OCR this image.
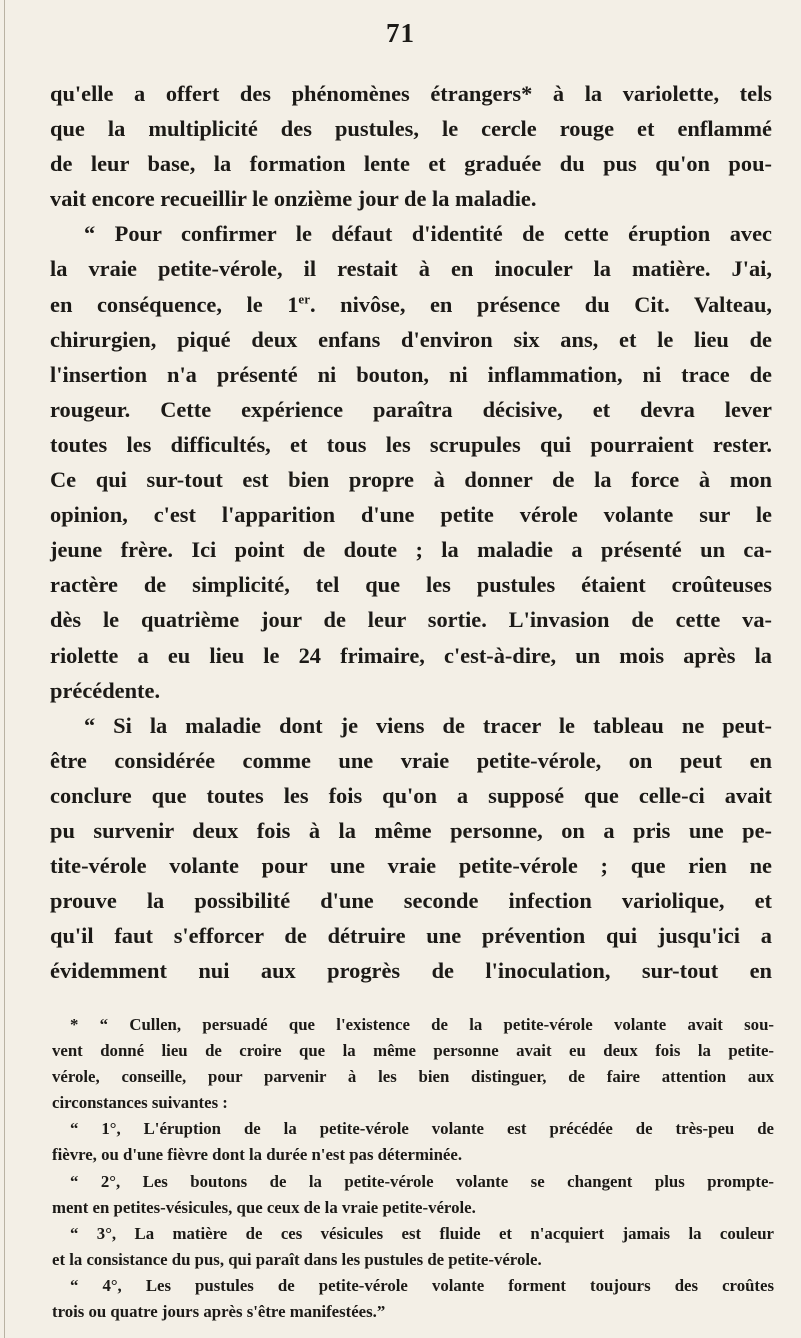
71
qu'elle a offert des phénomènes étrangers* à la variolette, tels
que la multiplicité des pustules, le cercle rouge et enflammé
de leur base, la formation lente et graduée du pus qu'on pou-
vait encore recueillir le onzième jour de la maladie.
“ Pour confirmer le défaut d'identité de cette éruption avec
la vraie petite-vérole, il restait à en inoculer la matière. J'ai,
en conséquence, le 1er. nivôse, en présence du Cit. Valteau,
chirurgien, piqué deux enfans d'environ six ans, et le lieu de
l'insertion n'a présenté ni bouton, ni inflammation, ni trace de
rougeur. Cette expérience paraîtra décisive, et devra lever
toutes les difficultés, et tous les scrupules qui pourraient rester.
Ce qui sur-tout est bien propre à donner de la force à mon
opinion, c'est l'apparition d'une petite vérole volante sur le
jeune frère. Ici point de doute ; la maladie a présenté un ca-
ractère de simplicité, tel que les pustules étaient croûteuses
dès le quatrième jour de leur sortie. L'invasion de cette va-
riolette a eu lieu le 24 frimaire, c'est-à-dire, un mois après la
précédente.
“ Si la maladie dont je viens de tracer le tableau ne peut-
être considérée comme une vraie petite-vérole, on peut en
conclure que toutes les fois qu'on a supposé que celle-ci avait
pu survenir deux fois à la même personne, on a pris une pe-
tite-vérole volante pour une vraie petite-vérole ; que rien ne
prouve la possibilité d'une seconde infection variolique, et
qu'il faut s'efforcer de détruire une prévention qui jusqu'ici a
évidemment nui aux progrès de l'inoculation, sur-tout en
* “ Cullen, persuadé que l'existence de la petite-vérole volante avait sou-
vent donné lieu de croire que la même personne avait eu deux fois la petite-
vérole, conseille, pour parvenir à les bien distinguer, de faire attention aux
circonstances suivantes :
“ 1°, L'éruption de la petite-vérole volante est précédée de très-peu de
fièvre, ou d'une fièvre dont la durée n'est pas déterminée.
“ 2°, Les boutons de la petite-vérole volante se changent plus prompte-
ment en petites-vésicules, que ceux de la vraie petite-vérole.
“ 3°, La matière de ces vésicules est fluide et n'acquiert jamais la couleur
et la consistance du pus, qui paraît dans les pustules de petite-vérole.
“ 4°, Les pustules de petite-vérole volante forment toujours des croûtes
trois ou quatre jours après s'être manifestées.”
